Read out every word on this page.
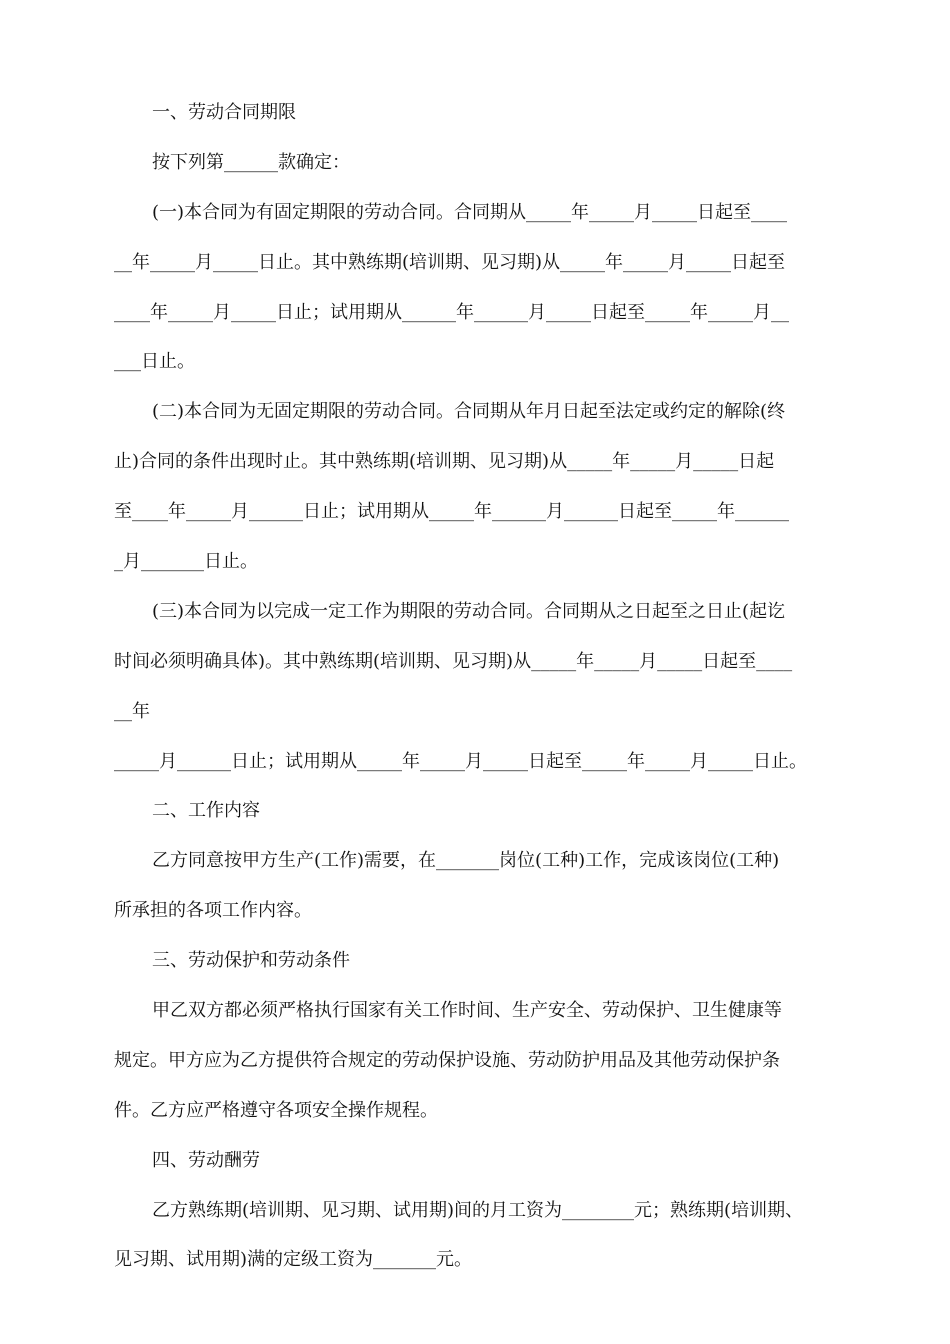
一、劳动合同期限
按下列第______款确定：
(一)本合同为有固定期限的劳动合同。合同期从_____年_____月_____日起至____
__年_____月_____日止。其中熟练期(培训期、见习期)从_____年_____月_____日起至
____年_____月_____日止；试用期从______年______月_____日起至_____年_____月__
___日止。
(二)本合同为无固定期限的劳动合同。合同期从年月日起至法定或约定的解除(终
止)合同的条件出现时止。其中熟练期(培训期、见习期)从_____年_____月_____日起
至____年_____月______日止；试用期从_____年______月______日起至_____年______
_月_______日止。
(三)本合同为以完成一定工作为期限的劳动合同。合同期从之日起至之日止(起讫
时间必须明确具体)。其中熟练期(培训期、见习期)从_____年_____月_____日起至____
__年
_____月______日止；试用期从_____年_____月_____日起至_____年_____月_____日止。
二、工作内容
乙方同意按甲方生产(工作)需要，在_______岗位(工种)工作，完成该岗位(工种)
所承担的各项工作内容。
三、劳动保护和劳动条件
甲乙双方都必须严格执行国家有关工作时间、生产安全、劳动保护、卫生健康等
规定。甲方应为乙方提供符合规定的劳动保护设施、劳动防护用品及其他劳动保护条
件。乙方应严格遵守各项安全操作规程。
四、劳动酬劳
乙方熟练期(培训期、见习期、试用期)间的月工资为________元；熟练期(培训期、
见习期、试用期)满的定级工资为_______元。
